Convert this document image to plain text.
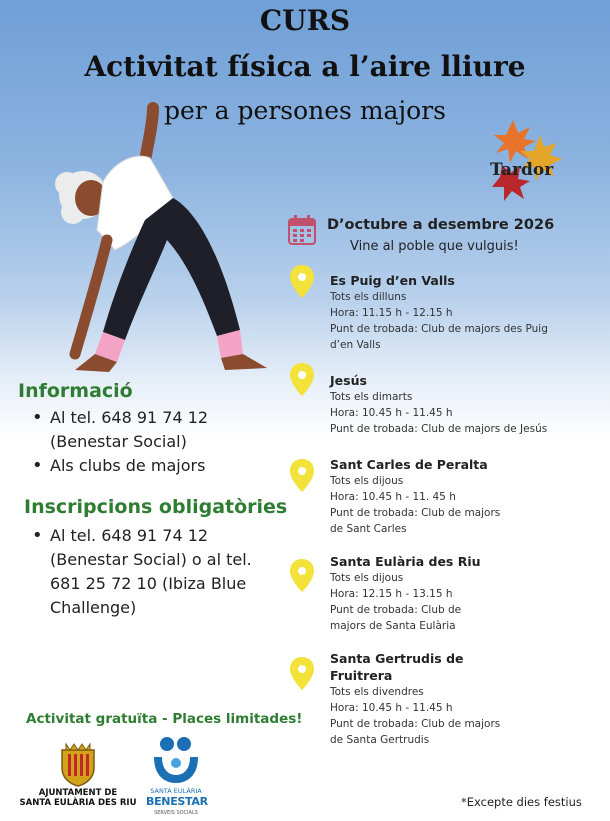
CURS
Activitat física a l’aire lliure
per a persones majors
Tardor
D’octubre a desembre 2026
Vine al poble que vulguis!
Es Puig d’en Valls
Tots els dilluns
Hora: 11.15 h - 12.15 h
Punt de trobada: Club de majors des Puig
d’en Valls
Jesús
Tots els dimarts
Hora: 10.45 h - 11.45 h
Punt de trobada: Club de majors de Jesús
Sant Carles de Peralta
Tots els dijous
Hora: 10.45 h - 11. 45 h
Punt de trobada: Club de majors
de Sant Carles
Santa Eulària des Riu
Tots els dijous
Hora: 12.15 h - 13.15 h
Punt de trobada: Club de
majors de Santa Eulària
Santa Gertrudis de
Fruitrera
Tots els divendres
Hora: 10.45 h - 11.45 h
Punt de trobada: Club de majors
de Santa Gertrudis
Informació
• Al tel. 648 91 74 12
(Benestar Social)
• Als clubs de majors
Inscripcions obligatòries
• Al tel. 648 91 74 12
(Benestar Social) o al tel.
681 25 72 10 (Ibiza Blue
Challenge)
Activitat gratuïta - Places limitades!
AJUNTAMENT DE
SANTA EULÀRIA DES RIU
SANTA EULÀRIA
BENESTAR
SERVEIS SOCIALS
*Excepte dies festius
